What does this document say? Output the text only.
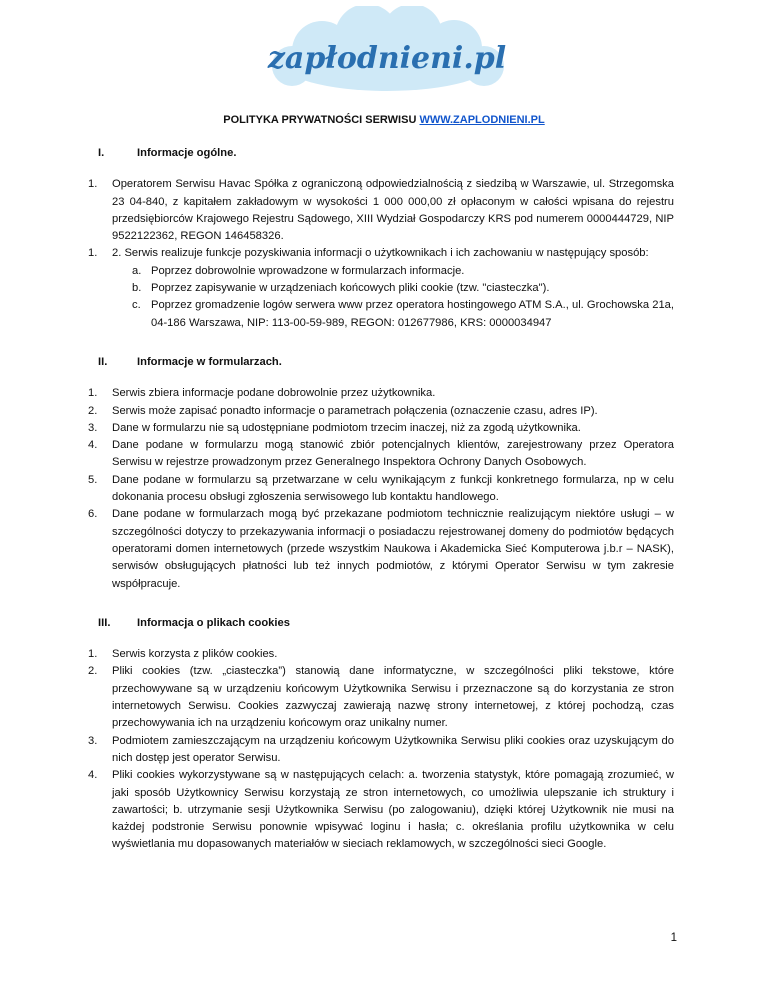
zapłodnieni.pl
POLITYKA PRYWATNOŚCI SERWISU WWW.ZAPLODNIENI.PL
I.	Informacje ogólne.
1.	Operatorem Serwisu Havac Spółka z ograniczoną odpowiedzialnością z siedzibą w Warszawie, ul. Strzegomska 23 04-840, z kapitałem zakładowym w wysokości 1 000 000,00 zł opłaconym w całości wpisana do rejestru przedsiębiorców Krajowego Rejestru Sądowego, XIII Wydział Gospodarczy KRS pod numerem 0000444729, NIP 9522122362, REGON 146458326.
1.	2. Serwis realizuje funkcje pozyskiwania informacji o użytkownikach i ich zachowaniu w następujący sposób:
a. Poprzez dobrowolnie wprowadzone w formularzach informacje.
b. Poprzez zapisywanie w urządzeniach końcowych pliki cookie (tzw. "ciasteczka").
c. Poprzez gromadzenie logów serwera www przez operatora hostingowego ATM S.A., ul. Grochowska 21a, 04-186 Warszawa, NIP: 113-00-59-989, REGON: 012677986, KRS: 0000034947
II.	Informacje w formularzach.
1.	Serwis zbiera informacje podane dobrowolnie przez użytkownika.
2.	Serwis może zapisać ponadto informacje o parametrach połączenia (oznaczenie czasu, adres IP).
3.	Dane w formularzu nie są udostępniane podmiotom trzecim inaczej, niż za zgodą użytkownika.
4.	Dane podane w formularzu mogą stanowić zbiór potencjalnych klientów, zarejestrowany przez Operatora Serwisu w rejestrze prowadzonym przez Generalnego Inspektora Ochrony Danych Osobowych.
5.	Dane podane w formularzu są przetwarzane w celu wynikającym z funkcji konkretnego formularza, np w celu dokonania procesu obsługi zgłoszenia serwisowego lub kontaktu handlowego.
6.	Dane podane w formularzach mogą być przekazane podmiotom technicznie realizującym niektóre usługi – w szczególności dotyczy to przekazywania informacji o posiadaczu rejestrowanej domeny do podmiotów będących operatorami domen internetowych (przede wszystkim Naukowa i Akademicka Sieć Komputerowa j.b.r – NASK), serwisów obsługujących płatności lub też innych podmiotów, z którymi Operator Serwisu w tym zakresie współpracuje.
III.	Informacja o plikach cookies
1.	Serwis korzysta z plików cookies.
2.	Pliki cookies (tzw. „ciasteczka”) stanowią dane informatyczne, w szczególności pliki tekstowe, które przechowywane są w urządzeniu końcowym Użytkownika Serwisu i przeznaczone są do korzystania ze stron internetowych Serwisu. Cookies zazwyczaj zawierają nazwę strony internetowej, z której pochodzą, czas przechowywania ich na urządzeniu końcowym oraz unikalny numer.
3.	Podmiotem zamieszczającym na urządzeniu końcowym Użytkownika Serwisu pliki cookies oraz uzyskującym do nich dostęp jest operator Serwisu.
4.	Pliki cookies wykorzystywane są w następujących celach: a. tworzenia statystyk, które pomagają zrozumieć, w jaki sposób Użytkownicy Serwisu korzystają ze stron internetowych, co umożliwia ulepszanie ich struktury i zawartości; b. utrzymanie sesji Użytkownika Serwisu (po zalogowaniu), dzięki której Użytkownik nie musi na każdej podstronie Serwisu ponownie wpisywać loginu i hasła; c. określania profilu użytkownika w celu wyświetlania mu dopasowanych materiałów w sieciach reklamowych, w szczególności sieci Google.
1
